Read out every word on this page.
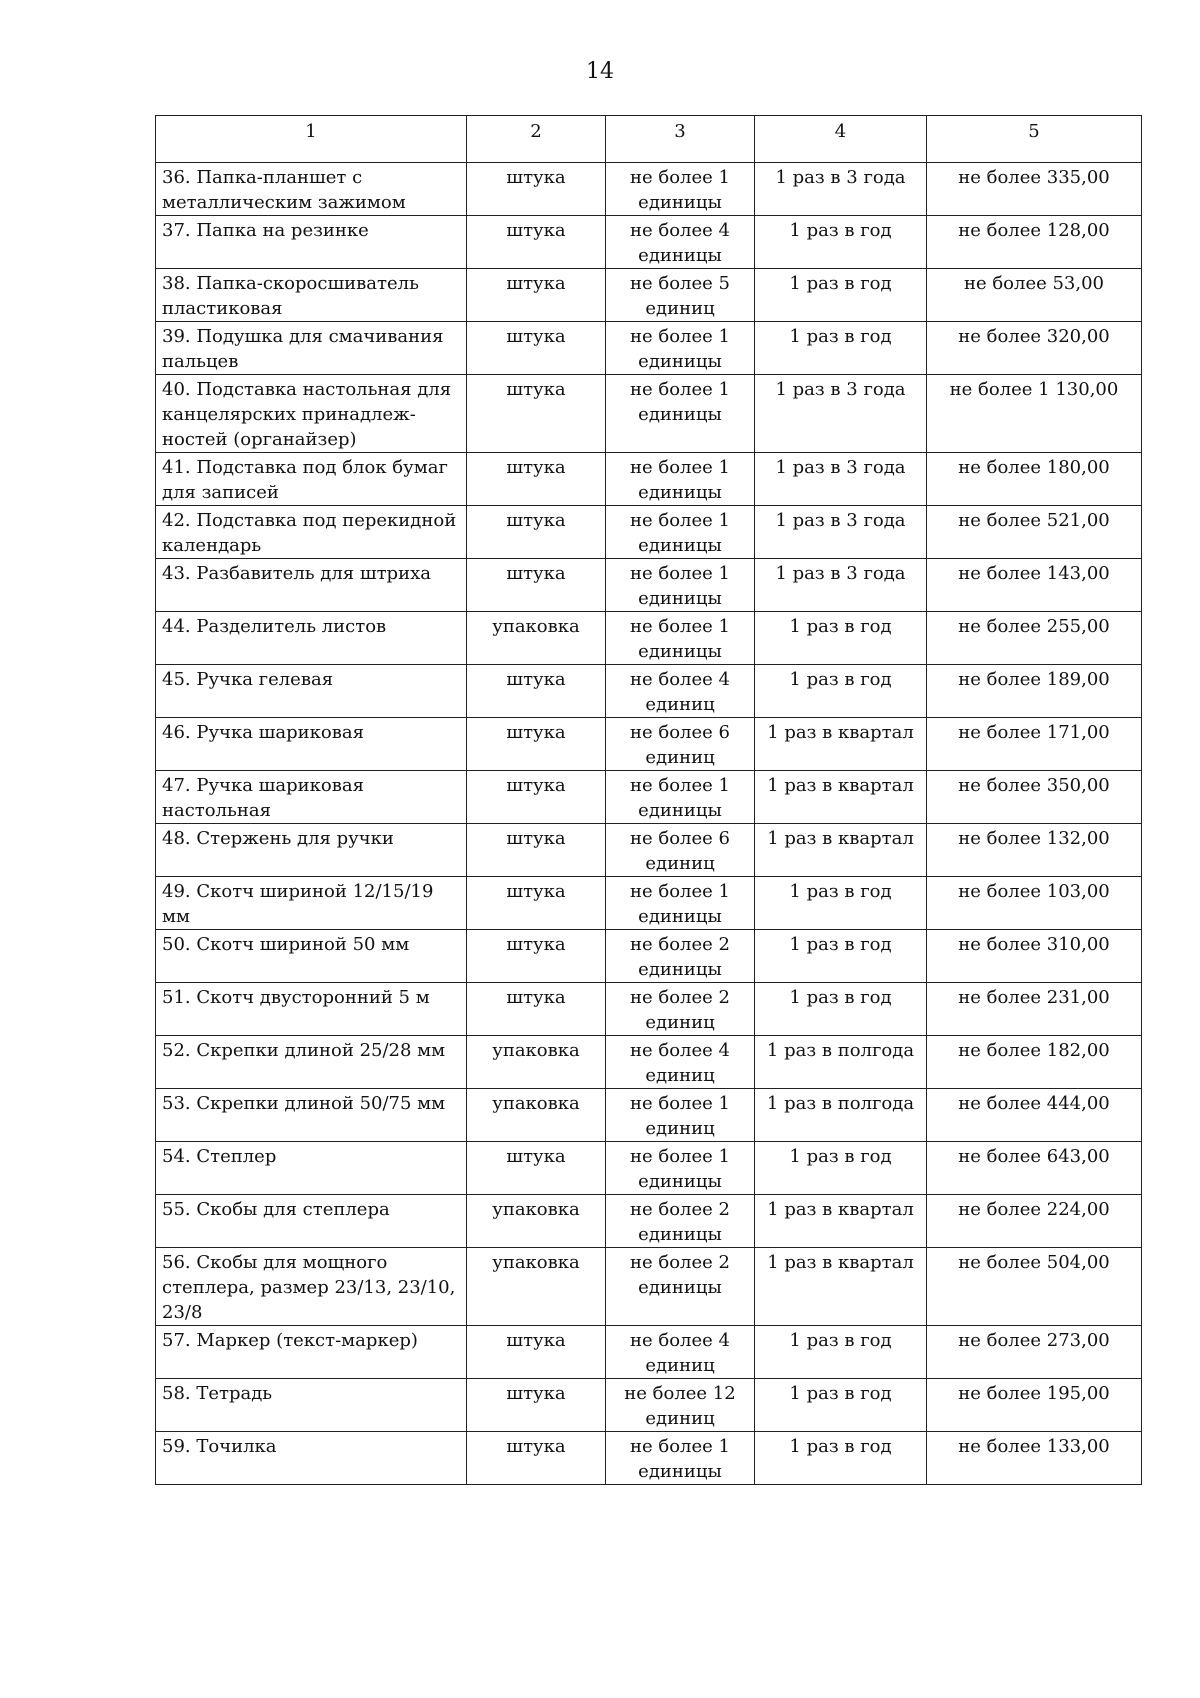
14
1	2	3	4	5
36. Папка-планшет с металлическим зажимом	штука	не более 1 единицы	1 раз в 3 года	не более 335,00
37. Папка на резинке	штука	не более 4 единицы	1 раз в год	не более 128,00
38. Папка-скоросшиватель пластиковая	штука	не более 5 единиц	1 раз в год	не более 53,00
39. Подушка для смачивания пальцев	штука	не более 1 единицы	1 раз в год	не более 320,00
40. Подставка настольная для канцелярских принадлеж-ностей (органайзер)	штука	не более 1 единицы	1 раз в 3 года	не более 1 130,00
41. Подставка под блок бумаг для записей	штука	не более 1 единицы	1 раз в 3 года	не более 180,00
42. Подставка под перекидной календарь	штука	не более 1 единицы	1 раз в 3 года	не более 521,00
43. Разбавитель для штриха	штука	не более 1 единицы	1 раз в 3 года	не более 143,00
44. Разделитель листов	упаковка	не более 1 единицы	1 раз в год	не более 255,00
45. Ручка гелевая	штука	не более 4 единиц	1 раз в год	не более 189,00
46. Ручка шариковая	штука	не более 6 единиц	1 раз в квартал	не более 171,00
47. Ручка шариковая настольная	штука	не более 1 единицы	1 раз в квартал	не более 350,00
48. Стержень для ручки	штука	не более 6 единиц	1 раз в квартал	не более 132,00
49. Скотч шириной 12/15/19 мм	штука	не более 1 единицы	1 раз в год	не более 103,00
50. Скотч шириной 50 мм	штука	не более 2 единицы	1 раз в год	не более 310,00
51. Скотч двусторонний 5 м	штука	не более 2 единиц	1 раз в год	не более 231,00
52. Скрепки длиной 25/28 мм	упаковка	не более 4 единиц	1 раз в полгода	не более 182,00
53. Скрепки длиной 50/75 мм	упаковка	не более 1 единиц	1 раз в полгода	не более 444,00
54. Степлер	штука	не более 1 единицы	1 раз в год	не более 643,00
55. Скобы для степлера	упаковка	не более 2 единицы	1 раз в квартал	не более 224,00
56. Скобы для мощного степлера, размер 23/13, 23/10, 23/8	упаковка	не более 2 единицы	1 раз в квартал	не более 504,00
57. Маркер (текст-маркер)	штука	не более 4 единиц	1 раз в год	не более 273,00
58. Тетрадь	штука	не более 12 единиц	1 раз в год	не более 195,00
59. Точилка	штука	не более 1 единицы	1 раз в год	не более 133,00
